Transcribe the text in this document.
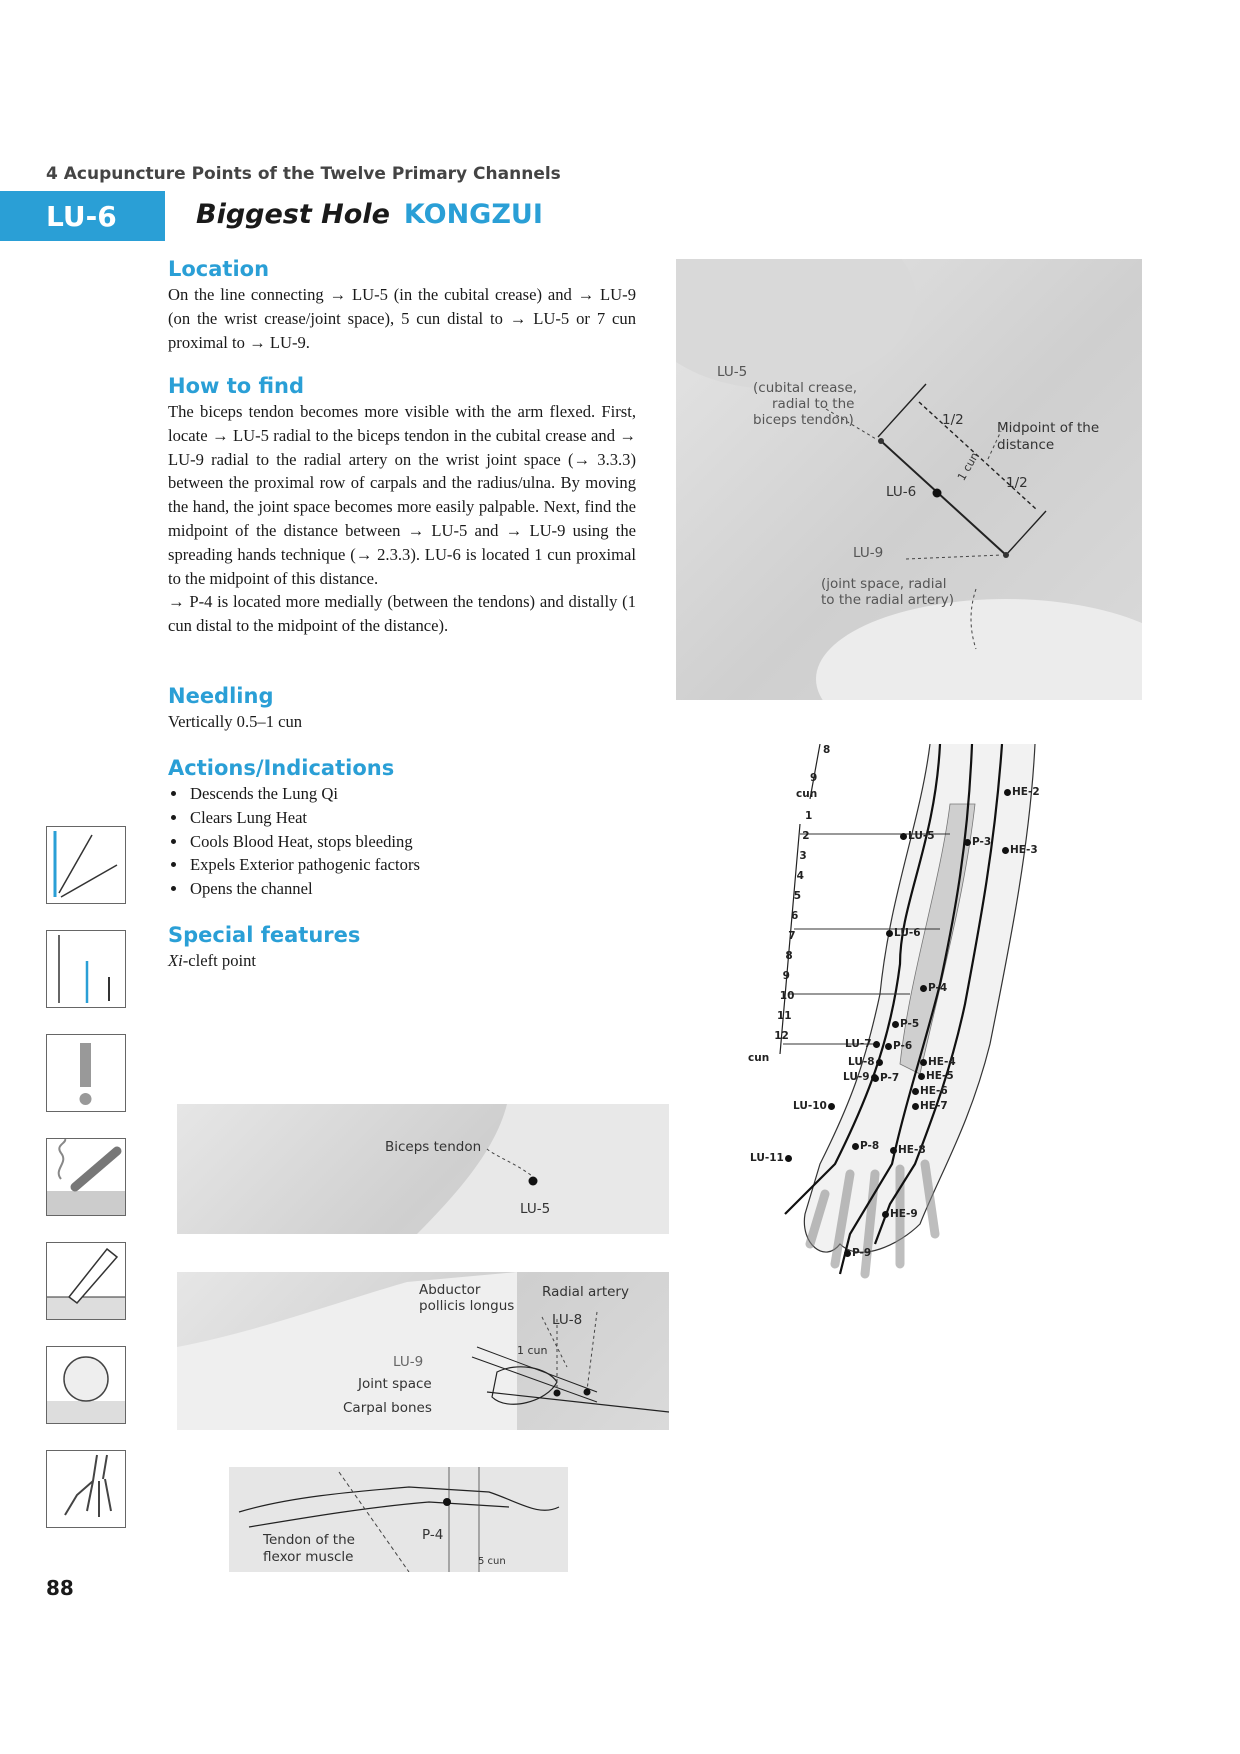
4 Acupuncture Points of the Twelve Primary Channels
LU-6	Biggest Hole KONGZUI
Location

On the line connecting → LU-5 (in the cubital crease) and → LU-9 (on the wrist crease/joint space), 5 cun distal to → LU-5 or 7 cun proximal to → LU-9.

How to find

The biceps tendon becomes more visible with the arm flexed. First, locate → LU-5 radial to the biceps tendon in the cubital crease and → LU-9 radial to the radial artery on the wrist joint space (→ 3.3.3) between the proximal row of carpals and the radius/ulna. By moving the hand, the joint space becomes more easily palpable. Next, find the midpoint of the distance between → LU-5 and → LU-9 using the spreading hands technique (→ 2.3.3). LU-6 is located 1 cun proximal to the midpoint of this distance.

→ P-4 is located more medially (between the tendons) and distally (1 cun distal to the midpoint of the distance).

Needling

Vertically 0.5–1 cun

Actions/Indications
• Descends the Lung Qi
• Clears Lung Heat
• Cools Blood Heat, stops bleeding
• Expels Exterior pathogenic factors
• Opens the channel
Special features

Xi-cleft point

LU-5
(cubital crease,
radial to the
biceps tendon)
LU-6
LU-9
(joint space, radial
to the radial artery)
1/2
1/2
1 cun
Midpoint of the
distance
HE-2
LU-5	P-3
HE-3
LU-6
P-4
P-5
LU-7 P-6
LU-8
LU-9 P-7
HE-4
HE-5
HE-6
HE-7
LU-10
P-8 HE-8
LU-11
HE-9
P-9
8
9
cun
1
2
3
4
5
6
7
8
9
10
11
12
cun
Biceps tendon
LU-5
Abductor
pollicis longus
Radial artery
LU-8
1 cun
LU-9
Joint space
Carpal bones
P-4
Tendon of the
flexor muscle	5 cun
88
